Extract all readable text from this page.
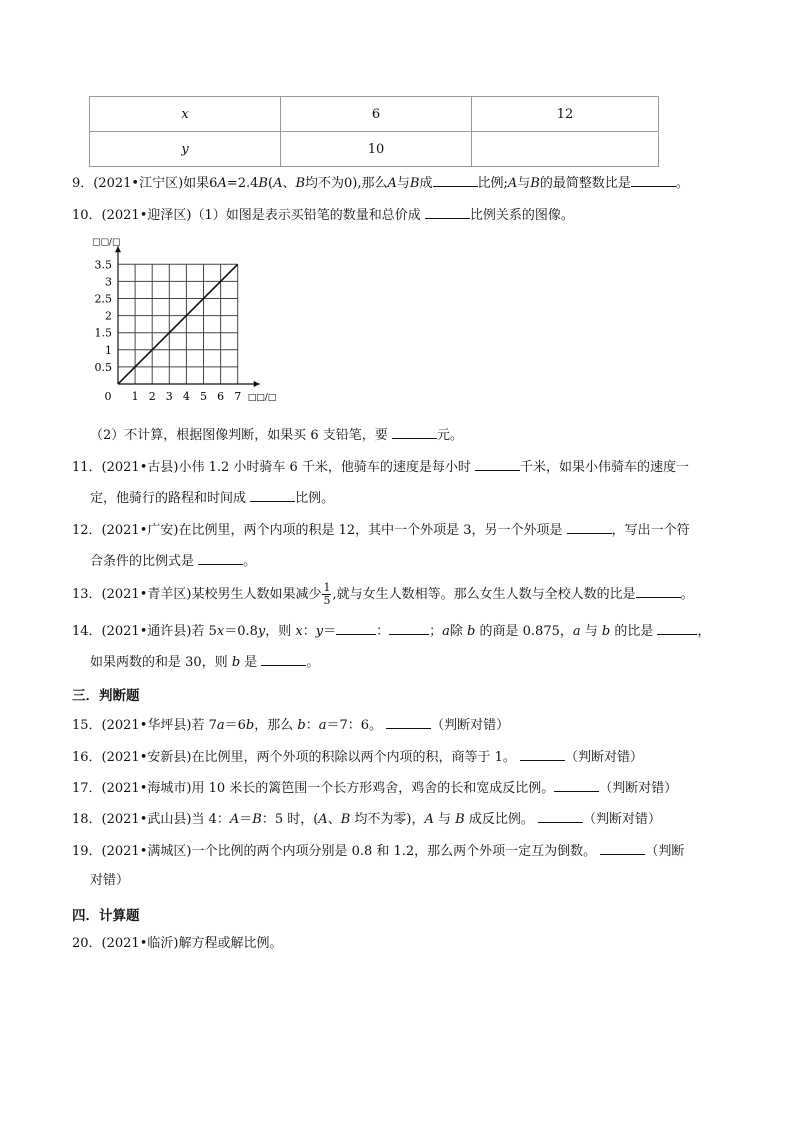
x	6	12
y	10	
9．(2021•江宁区)如果6A=2.4B(A、B均不为0),那么A与B成	比例;A与B的最简整数比是	。
10．(2021•迎泽区)（1）如图是表示买铅笔的数量和总价成	比例关系的图像。
0 1 2 3 4 5 6 7
0.5
1
1.5
2
2.5
3
3.5
□□/□
□□/□
（2）不计算，根据图像判断，如果买 6 支铅笔，要	元。
11．(2021•古县)小伟 1.2 小时骑车 6 千米，他骑车的速度是每小时	千米，如果小伟骑车的速度一
定，他骑行的路程和时间成	比例。
12．(2021•广安)在比例里，两个内项的积是 12，其中一个外项是 3，另一个外项是	，写出一个符
合条件的比例式是	。
13．(2021•青羊区)某校男生人数如果减少 $\frac{1}{5}$ ,就与女生人数相等。那么女生人数与全校人数的比是	。
14．(2021•通许县)若 5x＝0.8y，则 x：y＝	：	；a除 b 的商是 0.875，a 与 b 的比是	，
如果两数的和是 30，则 b 是	。
三．判断题
15．(2021•华坪县)若 7a＝6b，那么 b：a＝7：6。	（判断对错）
16．(2021•安新县)在比例里，两个外项的积除以两个内项的积，商等于 1。	（判断对错）
17．(2021•海城市)用 10 米长的篱笆围一个长方形鸡舍，鸡舍的长和宽成反比例。	（判断对错）
18．(2021•武山县)当 4：A＝B：5 时，(A、B 均不为零)，A 与 B 成反比例。	（判断对错）
19．(2021•满城区)一个比例的两个内项分别是 0.8 和 1.2，那么两个外项一定互为倒数。	（判断
对错）
四．计算题
20．(2021•临沂)解方程或解比例。
